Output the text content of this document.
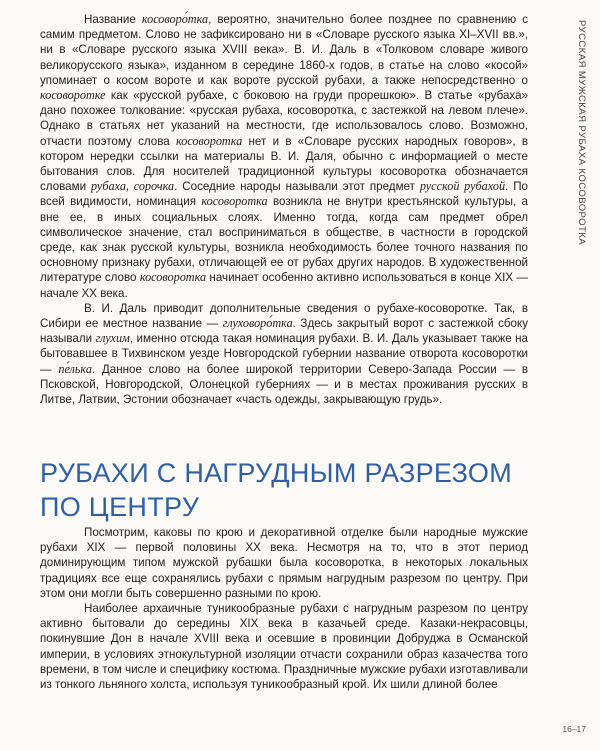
Название косоворо́тка, вероятно, значительно более позднее по сравнению с самим предметом. Слово не зафиксировано ни в «Словаре русского языка XI–XVII вв.», ни в «Словаре русского языка XVIII века». В. И. Даль в «Толковом словаре живого великорусского языка», изданном в середине 1860-х годов, в статье на слово «косой» упоминает о косом вороте и как вороте русской рубахи, а также непосредственно о косоворотке как «русской рубахе, с боковою на груди прорешкою». В статье «рубаха» дано похожее толкование: «русская рубаха, косоворотка, с застежкой на левом плече». Однако в статьях нет указаний на местности, где использовалось слово. Возможно, отчасти поэтому слова косоворотка нет и в «Словаре русских народных говоров», в котором нередки ссылки на материалы В. И. Даля, обычно с информацией о месте бытования слов. Для носителей традиционной культуры косоворотка обозначается словами рубаха, сорочка. Соседние народы называли этот предмет русской рубахой. По всей видимости, номинация косоворотка возникла не внутри крестьянской культуры, а вне ее, в иных социальных слоях. Именно тогда, когда сам предмет обрел символическое значение, стал восприниматься в обществе, в частности в городской среде, как знак русской культуры, возникла необходимость более точного названия по основному признаку рубахи, отличающей ее от рубах других народов. В художественной литературе слово косоворотка начинает особенно активно использоваться в конце XIX — начале XX века.

В. И. Даль приводит дополнительные сведения о рубахе-косоворотке. Так, в Сибири ее местное название — глуховоро́тка. Здесь закрытый ворот с застежкой сбоку называли глухим, именно отсюда такая номинация рубахи. В. И. Даль указывает также на бытовавшее в Тихвинском уезде Новгородской губернии название отворота косоворотки — пе́лька. Данное слово на более широкой территории Северо-Запада России — в Псковской, Новгородской, Олонецкой губерниях — и в местах проживания русских в Литве, Латвии, Эстонии обозначает «часть одежды, закрывающую грудь».

РУБАХИ С НАГРУДНЫМ РАЗРЕЗОМ
ПО ЦЕНТРУ

Посмотрим, каковы по крою и декоративной отделке были народные мужские рубахи XIX — первой половины XX века. Несмотря на то, что в этот период доминирующим типом мужской рубашки была косоворотка, в некоторых локальных традициях все еще сохранялись рубахи с прямым нагрудным разрезом по центру. При этом они могли быть совершенно разными по крою.

Наиболее архаичные туникообразные рубахи с нагрудным разрезом по центру активно бытовали до середины XIX века в казачьей среде. Казаки-некрасовцы, покинувшие Дон в начале XVIII века и осевшие в провинции Добруджа в Османской империи, в условиях этнокультурной изоляции отчасти сохранили образ казачества того времени, в том числе и специфику костюма. Праздничные мужские рубахи изготавливали из тонкого льняного холста, используя туникообразный крой. Их шили длиной более

РУССКАЯ МУЖСКАЯ РУБАХА КОСОВОРОТКА
16–17
